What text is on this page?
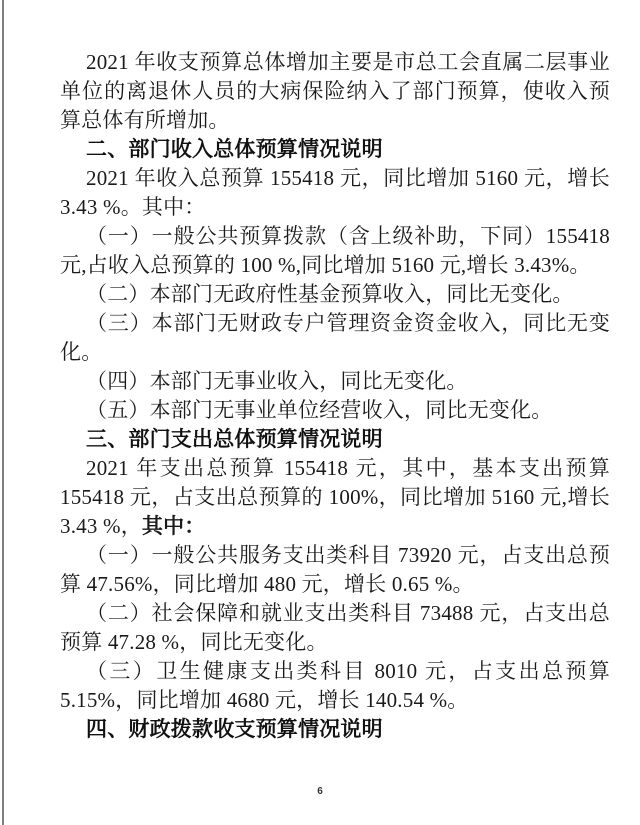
2021 年收支预算总体增加主要是市总工会直属二层事业单位的离退休人员的大病保险纳入了部门预算，使收入预算总体有所增加。

二、部门收入总体预算情况说明

2021 年收入总预算 155418 元，同比增加 5160 元，增长 3.43 %。其中：

（一）一般公共预算拨款（含上级补助，下同）155418 元,占收入总预算的 100 %,同比增加 5160 元,增长 3.43%。

（二）本部门无政府性基金预算收入，同比无变化。

（三）本部门无财政专户管理资金资金收入，同比无变化。

（四）本部门无事业收入，同比无变化。

（五）本部门无事业单位经营收入，同比无变化。

三、部门支出总体预算情况说明

2021 年支出总预算 155418 元，其中，基本支出预算 155418 元，占支出总预算的 100%，同比增加 5160 元,增长 3.43 %，其中：

（一）一般公共服务支出类科目 73920 元，占支出总预算 47.56%，同比增加 480 元，增长 0.65 %。

（二）社会保障和就业支出类科目 73488 元，占支出总预算 47.28 %，同比无变化。

（三）卫生健康支出类科目 8010 元，占支出总预算 5.15%，同比增加 4680 元，增长 140.54 %。

四、财政拨款收支预算情况说明

6
